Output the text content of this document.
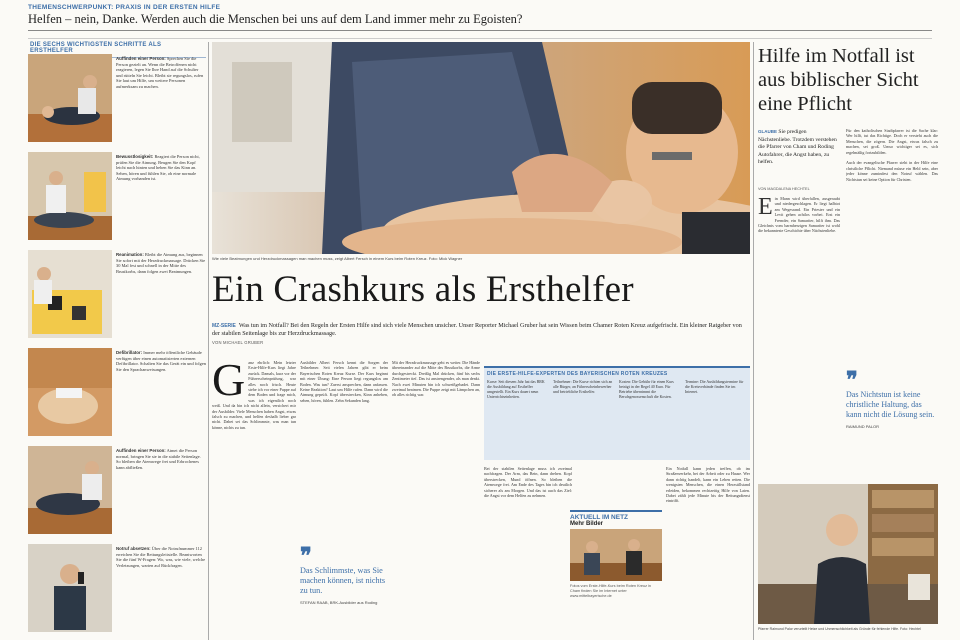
THEMENSCHWERPUNKT: PRAXIS IN DER ERSTEN HILFE
Helfen – nein, Danke. Werden auch die Menschen bei uns auf dem Land immer mehr zu Egoisten?
DIE SECHS WICHTIGSTEN SCHRITTE ALS ERSTHELFER
Auffinden einer Person: Sprechen Sie die Person gezielt an. Wenn die Betroffenen nicht reagieren, legen Sie Ihre Hand auf die Schulter und rütteln Sie leicht. Bleibt sie regungslos, rufen Sie laut um Hilfe, um weitere Personen aufmerksam zu machen.
Bewusstlosigkeit: Reagiert die Person nicht, prüfen Sie die Atmung. Beugen Sie den Kopf leicht nach hinten und heben Sie das Kinn an. Sehen, hören und fühlen Sie, ob eine normale Atmung vorhanden ist.
Reanimation: Bleibt die Atmung aus, beginnen Sie sofort mit der Herzdruckmassage. Drücken Sie 30 Mal fest und schnell in der Mitte des Brustkorbs, dann folgen zwei Beatmungen.
Defibrillator: Immer mehr öffentliche Gebäude verfügen über einen automatisierten externen Defibrillator. Schalten Sie das Gerät ein und folgen Sie den Sprachanweisungen.
Auffinden einer Person: Atmet die Person normal, bringen Sie sie in die stabile Seitenlage. So bleiben die Atemwege frei und Erbrochenes kann abfließen.
Notruf absetzen: Über die Notrufnummer 112 erreichen Sie die Rettungsleitstelle. Beantworten Sie die fünf W-Fragen: Wo, was, wie viele, welche Verletzungen, warten auf Rückfragen.
Wie viele Beatmungen und Herzdruckmassagen man machen muss, zeigt Albert Fersch in einem Kurs beim Roten Kreuz. Foto: Mick Wagner
Ein Crashkurs als Ersthelfer
MZ-SERIE Was tun im Notfall? Bei den Regeln der Ersten Hilfe sind sich viele Menschen unsicher. Unser Reporter Michael Gruber hat sein Wissen beim Chamer Roten Kreuz aufgefrischt. Ein kleiner Ratgeber von der stabilen Seitenlage bis zur Herzdruckmassage.
VON MICHAEL GRUBER
Ganz ehrlich: Mein letzter Erste-Hilfe-Kurs liegt Jahre zurück. Damals, kurz vor der Führerscheinprüfung, war alles noch frisch. Heute stehe ich vor einer Puppe auf dem Boden und frage mich, was ich eigentlich noch weiß. Und da bin ich nicht allein, versichert mir der Ausbilder. Viele Menschen haben Angst, etwas falsch zu machen, und helfen deshalb lieber gar nicht. Dabei sei das Schlimmste, was man tun könne, nichts zu tun.
Ausbilder Albert Fersch kennt die Sorgen der Teilnehmer. Seit vielen Jahren gibt er beim Bayerischen Roten Kreuz Kurse. Der Kurs beginnt mit einer Übung: Eine Person liegt regungslos am Boden. Was tun? Zuerst ansprechen, dann anfassen. Keine Reaktion? Laut um Hilfe rufen. Dann wird die Atmung geprüft. Kopf überstrecken, Kinn anheben, sehen, hören, fühlen. Zehn Sekunden lang.
❞
Das Schlimmste, was Sie machen können, ist nichts zu tun.
STEFAN RAAB, BRK-Ausbilder aus Roding
Mit der Herzdruckmassage geht es weiter. Die Hände übereinander auf die Mitte des Brustkorbs, die Arme durchgestreckt. Dreißig Mal drücken, fünf bis sechs Zentimeter tief. Das ist anstrengender, als man denkt. Nach zwei Minuten bin ich schweißgebadet. Dann zweimal beatmen. Die Puppe zeigt mit Lämpchen an, ob alles richtig war.
Bei der stabilen Seitenlage muss ich zweimal nachfragen. Der Arm, das Bein, dann drehen. Kopf überstrecken, Mund öffnen. So bleiben die Atemwege frei. Am Ende des Tages bin ich deutlich sicherer als am Morgen. Und das ist auch das Ziel: die Angst vor dem Helfen zu nehmen.
Ein Notfall kann jeden treffen, ob im Straßenverkehr, bei der Arbeit oder zu Hause. Wer dann richtig handelt, kann ein Leben retten. Die wenigsten Menschen, die einen Herzstillstand erleiden, bekommen rechtzeitig Hilfe von Laien. Dabei zählt jede Minute bis der Rettungsdienst eintrifft.
DIE ERSTE-HILFE-EXPERTEN DES BAYERISCHEN ROTEN KREUZES
Kurse: Seit diesem Jahr hat das BRK die Ausbildung auf Ersthelfer umgestellt. Ein Kurs dauert neun Unterrichtseinheiten.
Teilnehmer: Die Kurse richten sich an alle Bürger, an Führerscheinbewerber und betriebliche Ersthelfer.
Kosten: Die Gebühr für einen Kurs beträgt in der Regel 40 Euro. Für Betriebe übernimmt die Berufsgenossenschaft die Kosten.
Termine: Die Ausbildungstermine für die Kreisverbände finden Sie im Internet.
AKTUELL IM NETZ
Mehr Bilder
Fotos vom Erste-Hilfe-Kurs beim Roten Kreuz in Cham finden Sie im Internet unter www.mittelbayerische.de
Hilfe im Notfall ist aus biblischer Sicht eine Pflicht
GLAUBE Sie predigen Nächstenliebe. Trotzdem verstehen die Pfarrer von Cham und Roding Autofahrer, die Angst haben, zu helfen.
VON MAGDALENA HECHTEL
Ein Mann wird überfallen, ausgeraubt und niedergeschlagen. Er liegt halbtot am Wegesrand. Ein Priester und ein Levit gehen achtlos vorbei. Erst ein Fremder, ein Samariter, hilft ihm. Das Gleichnis vom barmherzigen Samariter ist wohl die bekannteste Geschichte über Nächstenliebe.
Für den katholischen Stadtpfarrer ist die Sache klar: Wer hilft, tut das Richtige. Doch er versteht auch die Menschen, die zögern. Die Angst, etwas falsch zu machen, sei groß. Umso wichtiger sei es, sich regelmäßig fortzubilden.

Auch der evangelische Pfarrer sieht in der Hilfe eine christliche Pflicht. Niemand müsse ein Held sein, aber jeder könne zumindest den Notruf wählen. Das Nichtstun sei keine Option für Christen.
❞
Das Nichtstun ist keine christliche Haltung, das kann nicht die Lösung sein.
RAIMUND PALOR
Pfarrer Raimund Palor verurteilt Hetze und Unmenschlichkeit als Gründe für fehlende Hilfe. Foto: Hechtel
